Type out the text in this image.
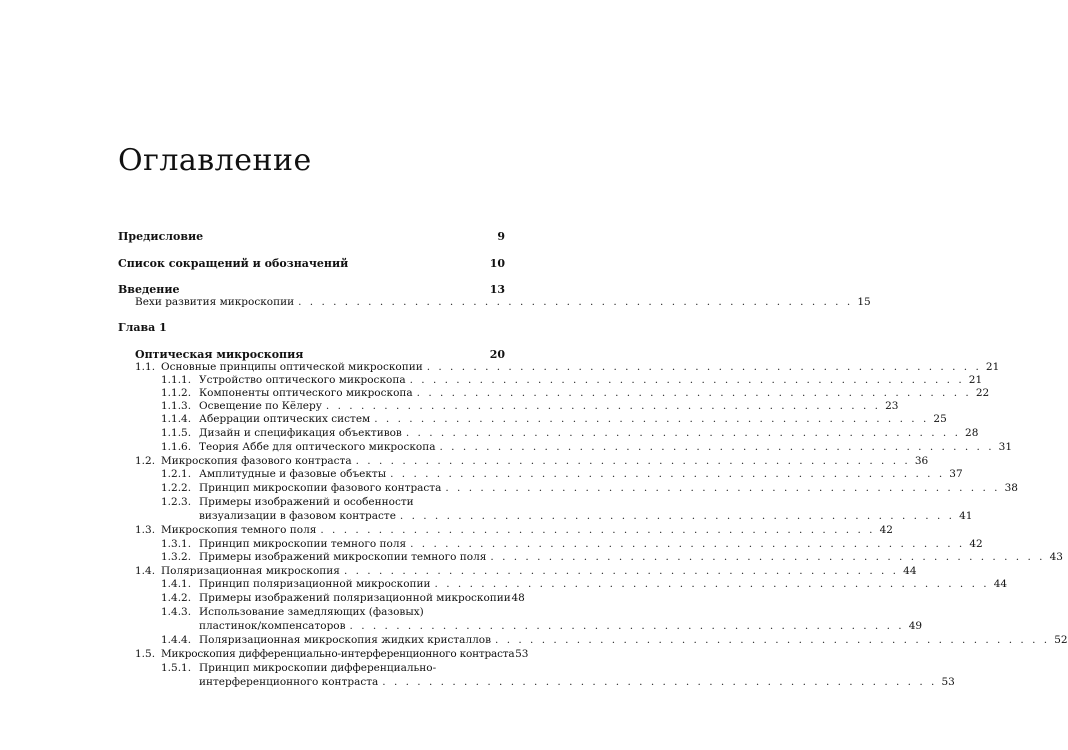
Оглавление
Предисловие	9
Список сокращений и обозначений	10
Введение	13
Вехи развития микроскопии . . . . . . . . . . . . . . . . . . . . . . . . . . . . . . . . . . . . . . . . . . . . . . . . 15
Глава 1
Оптическая микроскопия	20
1.1. Основные принципы оптической микроскопии . . . . . . . . . . . . . . . . . . . . . . . . . . . . . . . . . . . . . . . . . . . . . . . . 21
1.1.1. Устройство оптического микроскопа . . . . . . . . . . . . . . . . . . . . . . . . . . . . . . . . . . . . . . . . . . . . . . . . 21
1.1.2. Компоненты оптического микроскопа . . . . . . . . . . . . . . . . . . . . . . . . . . . . . . . . . . . . . . . . . . . . . . . . 22
1.1.3. Освещение по Кёлеру . . . . . . . . . . . . . . . . . . . . . . . . . . . . . . . . . . . . . . . . . . . . . . . . 23
1.1.4. Аберрации оптических систем . . . . . . . . . . . . . . . . . . . . . . . . . . . . . . . . . . . . . . . . . . . . . . . . 25
1.1.5. Дизайн и спецификация объективов . . . . . . . . . . . . . . . . . . . . . . . . . . . . . . . . . . . . . . . . . . . . . . . . 28
1.1.6. Теория Аббе для оптического микроскопа . . . . . . . . . . . . . . . . . . . . . . . . . . . . . . . . . . . . . . . . . . . . . . . . 31
1.2. Микроскопия фазового контраста . . . . . . . . . . . . . . . . . . . . . . . . . . . . . . . . . . . . . . . . . . . . . . . . 36
1.2.1. Амплитудные и фазовые объекты . . . . . . . . . . . . . . . . . . . . . . . . . . . . . . . . . . . . . . . . . . . . . . . . 37
1.2.2. Принцип микроскопии фазового контраста . . . . . . . . . . . . . . . . . . . . . . . . . . . . . . . . . . . . . . . . . . . . . . . . 38
1.2.3. Примеры изображений и особенности
визуализации в фазовом контрасте . . . . . . . . . . . . . . . . . . . . . . . . . . . . . . . . . . . . . . . . . . . . . . . . 41
1.3. Микроскопия темного поля . . . . . . . . . . . . . . . . . . . . . . . . . . . . . . . . . . . . . . . . . . . . . . . . 42
1.3.1. Принцип микроскопии темного поля . . . . . . . . . . . . . . . . . . . . . . . . . . . . . . . . . . . . . . . . . . . . . . . . 42
1.3.2. Примеры изображений микроскопии темного поля . . . . . . . . . . . . . . . . . . . . . . . . . . . . . . . . . . . . . . . . . . . . . . . . 43
1.4. Поляризационная микроскопия . . . . . . . . . . . . . . . . . . . . . . . . . . . . . . . . . . . . . . . . . . . . . . . . 44
1.4.1. Принцип поляризационной микроскопии . . . . . . . . . . . . . . . . . . . . . . . . . . . . . . . . . . . . . . . . . . . . . . . . 44
1.4.2. Примеры изображений поляризационной микроскопии 48
1.4.3. Использование замедляющих (фазовых)
пластинок/компенсаторов . . . . . . . . . . . . . . . . . . . . . . . . . . . . . . . . . . . . . . . . . . . . . . . . 49
1.4.4. Поляризационная микроскопия жидких кристаллов . . . . . . . . . . . . . . . . . . . . . . . . . . . . . . . . . . . . . . . . . . . . . . . . 52
1.5. Микроскопия дифференциально-интерференционного контраста 53
1.5.1. Принцип микроскопии дифференциально-
интерференционного контраста . . . . . . . . . . . . . . . . . . . . . . . . . . . . . . . . . . . . . . . . . . . . . . . . 53
